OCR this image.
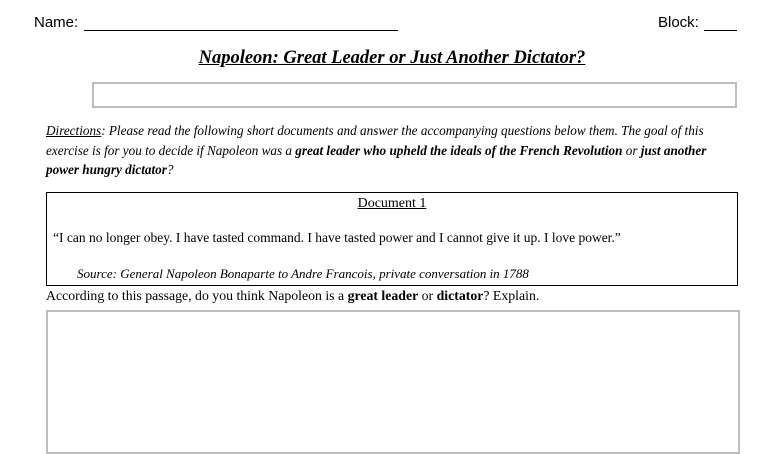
Name:	Block:
Napoleon: Great Leader or Just Another Dictator?
Directions: Please read the following short documents and answer the accompanying questions below them. The goal of this exercise is for you to decide if Napoleon was a great leader who upheld the ideals of the French Revolution or just another power hungry dictator?
Document 1
“I can no longer obey. I have tasted command. I have tasted power and I cannot give it up. I love power.”
Source: General Napoleon Bonaparte to Andre Francois, private conversation in 1788
According to this passage, do you think Napoleon is a great leader or dictator? Explain.
